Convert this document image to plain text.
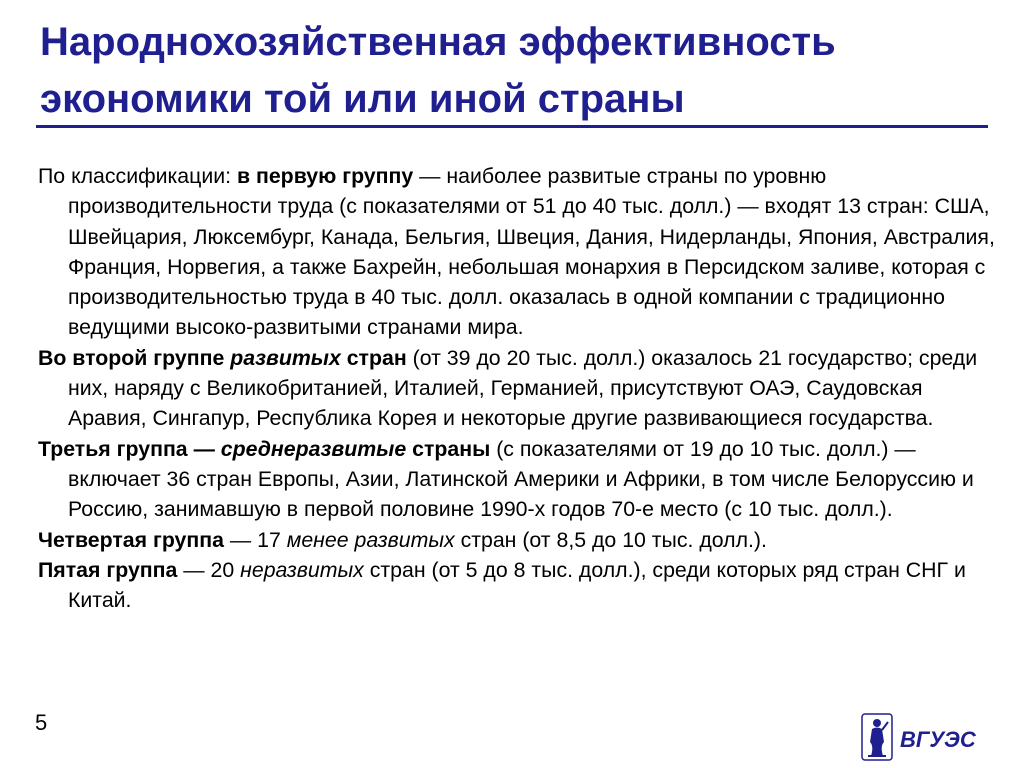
Народнохозяйственная эффективность
экономики той или иной страны

По классификации: в первую группу — наиболее развитые страны по уровню производительности труда (с показателями от 51 до 40 тыс. долл.) — входят 13 стран: США, Швейцария, Люксембург, Канада, Бельгия, Швеция, Дания, Нидерланды, Япония, Австралия, Франция, Норвегия, а также Бахрейн, небольшая монархия в Персидском заливе, которая с производительностью труда в 40 тыс. долл. оказалась в одной компании с традиционно ведущими высоко-развитыми странами мира.

Во второй группе развитых стран (от 39 до 20 тыс. долл.) оказалось 21 государство; среди них, наряду с Великобританией, Италией, Германией, присутствуют ОАЭ, Саудовская Аравия, Сингапур, Республика Корея и некоторые другие развивающиеся государства.

Третья группа — среднеразвитые страны (с показателями от 19 до 10 тыс. долл.) — включает 36 стран Европы, Азии, Латинской Америки и Африки, в том числе Белоруссию и Россию, занимавшую в первой половине 1990-х годов 70-е место (с 10 тыс. долл.).

Четвертая группа — 17 менее развитых стран (от 8,5 до 10 тыс. долл.).

Пятая группа — 20 неразвитых стран (от 5 до 8 тыс. долл.), среди которых ряд стран СНГ и Китай.

5
ВГУЭС
